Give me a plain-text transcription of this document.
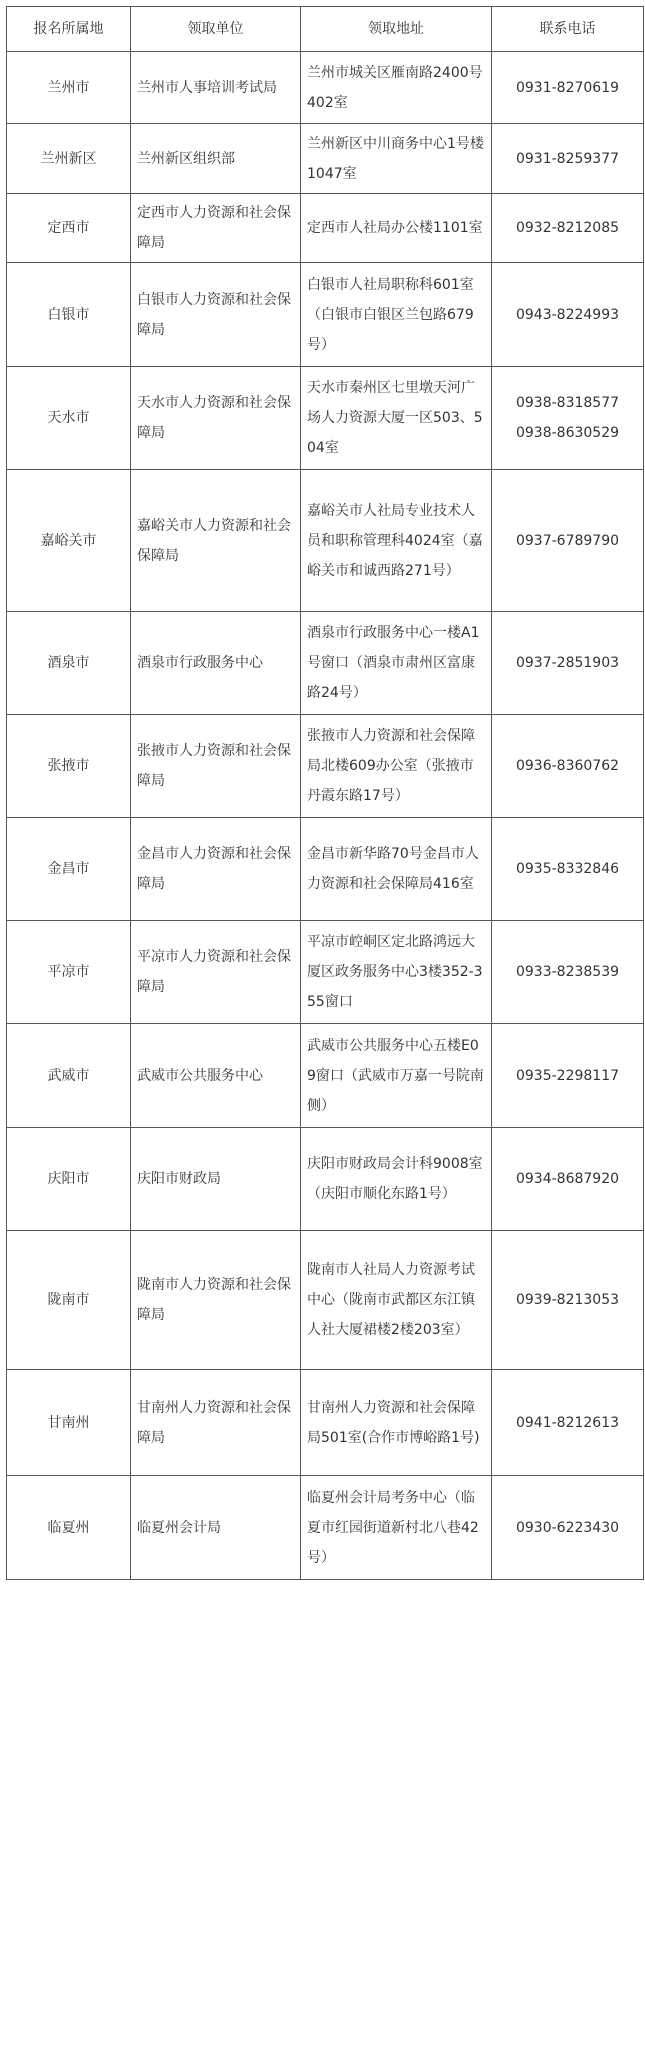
报名所属地	领取单位	领取地址	联系电话
兰州市	兰州市人事培训考试局	兰州市城关区雁南路2400号402室	0931-8270619

兰州新区	兰州新区组织部	兰州新区中川商务中心1号楼1047室	0931-8259377

定西市	定西市人力资源和社会保障局	定西市人社局办公楼1101室	0932-8212085

白银市	白银市人力资源和社会保障局	白银市人社局职称科601室（白银市白银区兰包路679号）	0943-8224993

天水市	天水市人力资源和社会保障局	天水市秦州区七里墩天河广场人力资源大厦一区503、504室	0938-8318577
0938-8630529

嘉峪关市	嘉峪关市人力资源和社会保障局	嘉峪关市人社局专业技术人员和职称管理科4024室（嘉峪关市和诚西路271号）	0937-6789790

酒泉市	酒泉市行政服务中心	酒泉市行政服务中心一楼A1号窗口（酒泉市肃州区富康路24号）	0937-2851903

张掖市	张掖市人力资源和社会保障局	张掖市人力资源和社会保障局北楼609办公室（张掖市丹霞东路17号）	0936-8360762

金昌市	金昌市人力资源和社会保障局	金昌市新华路70号金昌市人力资源和社会保障局416室	0935-8332846

平凉市	平凉市人力资源和社会保障局	平凉市崆峒区定北路鸿远大厦区政务服务中心3楼352-355窗口	0933-8238539

武威市	武威市公共服务中心	武威市公共服务中心五楼E09窗口（武威市万嘉一号院南侧）	0935-2298117

庆阳市	庆阳市财政局	庆阳市财政局会计科9008室（庆阳市顺化东路1号）	0934-8687920

陇南市	陇南市人力资源和社会保障局	陇南市人社局人力资源考试中心（陇南市武都区东江镇人社大厦裙楼2楼203室）	0939-8213053

甘南州	甘南州人力资源和社会保障局	甘南州人力资源和社会保障局501室(合作市博峪路1号)	0941-8212613

临夏州	临夏州会计局	临夏州会计局考务中心（临夏市红园街道新村北八巷42号）	0930-6223430
